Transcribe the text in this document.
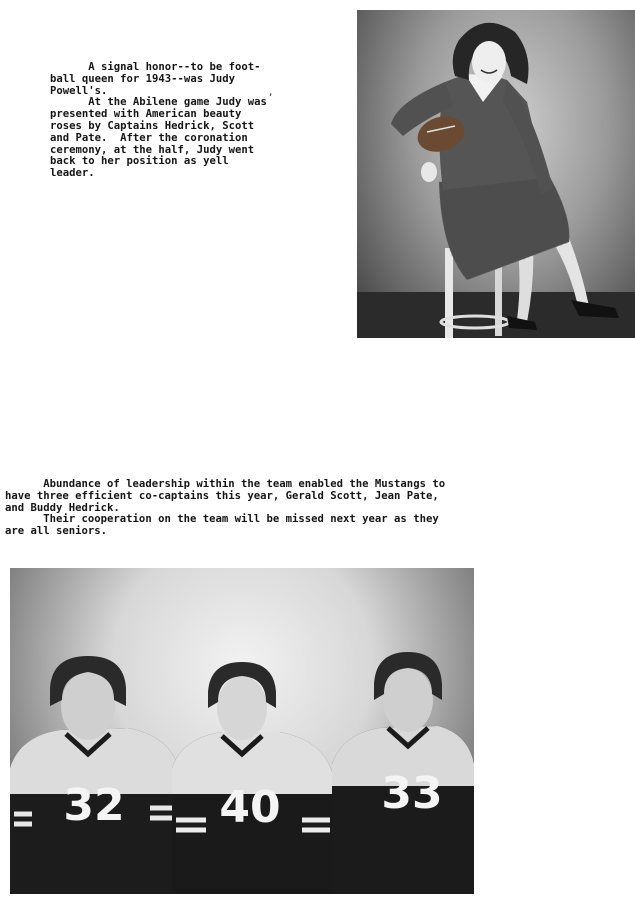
A signal honor--to be foot-
ball queen for 1943--was Judy
Powell's.
At the Abilene game Judy was
presented with American beauty
roses by Captains Hedrick, Scott
and Pate.  After the coronation
ceremony, at the half, Judy went
back to her position as yell
leader.
,
Abundance of leadership within the team enabled the Mustangs to
have three efficient co-captains this year, Gerald Scott, Jean Pate,
and Buddy Hedrick.
Their cooperation on the team will be missed next year as they
are all seniors.
32 40 33
